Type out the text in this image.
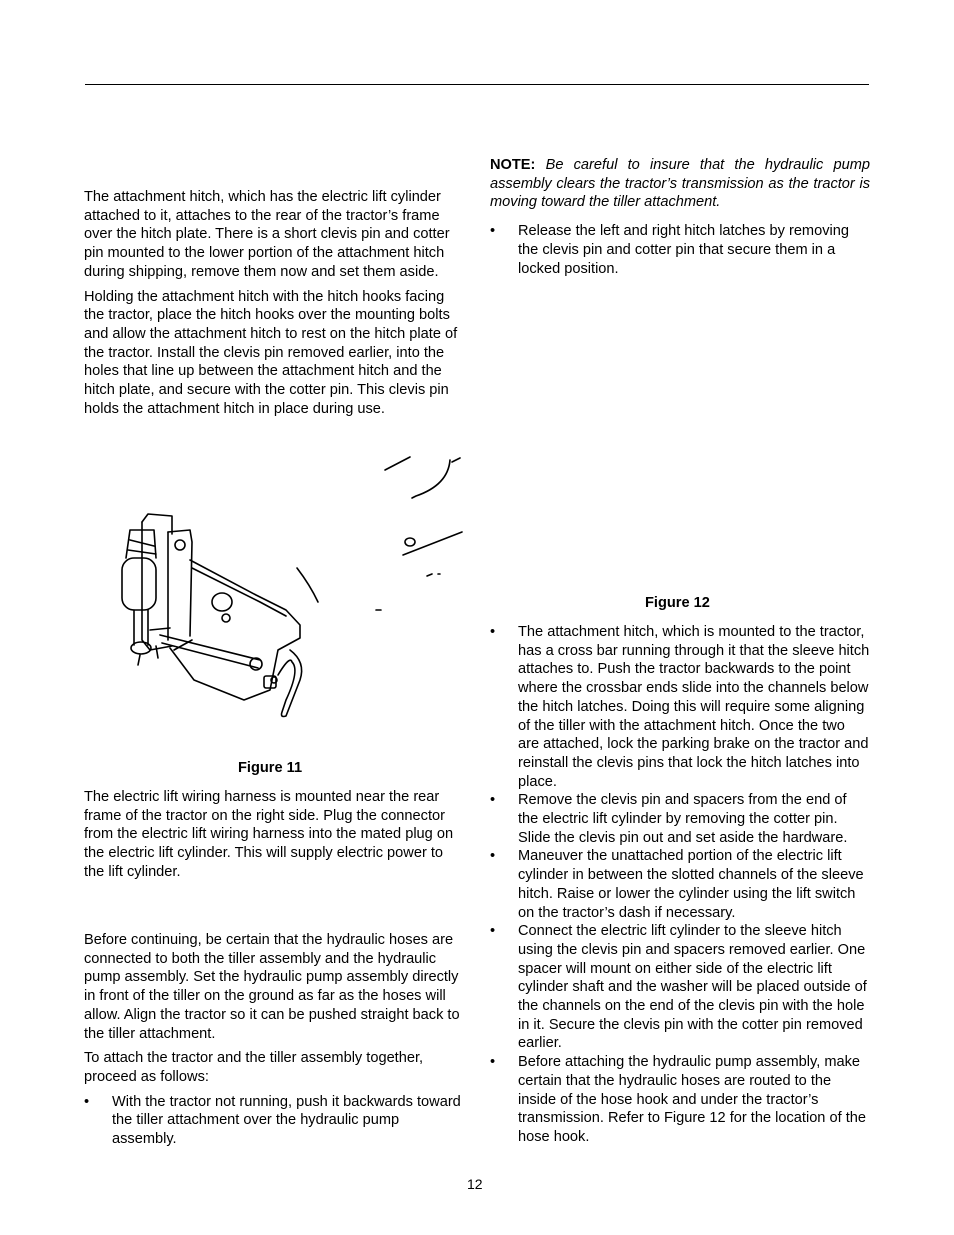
The attachment hitch, which has the electric lift cylinder attached to it, attaches to the rear of the tractor’s frame over the hitch plate. There is a short clevis pin and cotter pin mounted to the lower portion of the attachment hitch during shipping, remove them now and set them aside.

Holding the attachment hitch with the hitch hooks facing the tractor, place the hitch hooks over the mounting bolts and allow the attachment hitch to rest on the hitch plate of the tractor. Install the clevis pin removed earlier, into the holes that line up between the attachment hitch and the hitch plate, and secure with the cotter pin. This clevis pin holds the attachment hitch in place during use.

Figure 11

The electric lift wiring harness is mounted near the rear frame of the tractor on the right side. Plug the connector from the electric lift wiring harness into the mated plug on the electric lift cylinder. This will supply electric power to the lift cylinder.

Before continuing, be certain that the hydraulic hoses are connected to both the tiller assembly and the hydraulic pump assembly. Set the hydraulic pump assembly directly in front of the tiller on the ground as far as the hoses will allow. Align the tractor so it can be pushed straight back to the tiller attachment.

To attach the tractor and the tiller assembly together, proceed as follows:

• With the tractor not running, push it backwards toward the tiller attachment over the hydraulic pump assembly.

NOTE: Be careful to insure that the hydraulic pump assembly clears the tractor’s transmission as the tractor is moving toward the tiller attachment.

• Release the left and right hitch latches by removing the clevis pin and cotter pin that secure them in a locked position.

Figure 12
• The attachment hitch, which is mounted to the tractor, has a cross bar running through it that the sleeve hitch attaches to. Push the tractor backwards to the point where the crossbar ends slide into the channels below the hitch latches. Doing this will require some aligning of the tiller with the attachment hitch. Once the two are attached, lock the parking brake on the tractor and reinstall the clevis pins that lock the hitch latches into place.

• Remove the clevis pin and spacers from the end of the electric lift cylinder by removing the cotter pin. Slide the clevis pin out and set aside the hardware.

• Maneuver the unattached portion of the electric lift cylinder in between the slotted channels of the sleeve hitch. Raise or lower the cylinder using the lift switch on the tractor’s dash if necessary.

• Connect the electric lift cylinder to the sleeve hitch using the clevis pin and spacers removed earlier. One spacer will mount on either side of the electric lift cylinder shaft and the washer will be placed outside of the channels on the end of the clevis pin with the hole in it. Secure the clevis pin with the cotter pin removed earlier.

• Before attaching the hydraulic pump assembly, make certain that the hydraulic hoses are routed to the inside of the hose hook and under the tractor’s transmission. Refer to Figure 12 for the location of the hose hook.

12
